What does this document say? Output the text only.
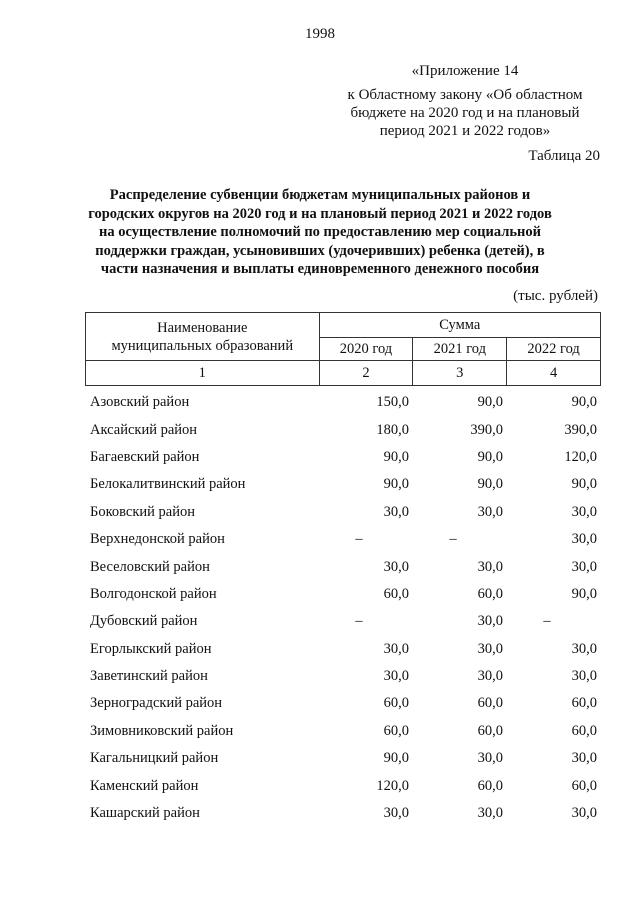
1998
«Приложение 14
к Областному закону «Об областном
бюджете на 2020 год и на плановый
период 2021 и 2022 годов»
Таблица 20
Распределение субвенции бюджетам муниципальных районов и
городских округов на 2020 год и на плановый период 2021 и 2022 годов
на осуществление полномочий по предоставлению мер социальной
поддержки граждан, усыновивших (удочеривших) ребенка (детей), в
части назначения и выплаты единовременного денежного пособия
(тыс. рублей)
Наименование
муниципальных образований	Сумма		
	2020 год	2021 год	2022 год
1	2	3	4
Азовский район	150,0	90,0	90,0
Аксайский район	180,0	390,0	390,0
Багаевский район	90,0	90,0	120,0
Белокалитвинский район	90,0	90,0	90,0
Боковский район	30,0	30,0	30,0
Верхнедонской район	–	–	30,0
Веселовский район	30,0	30,0	30,0
Волгодонской район	60,0	60,0	90,0
Дубовский район	–	30,0	–
Егорлыкский район	30,0	30,0	30,0
Заветинский район	30,0	30,0	30,0
Зерноградский район	60,0	60,0	60,0
Зимовниковский район	60,0	60,0	60,0
Кагальницкий район	90,0	30,0	30,0
Каменский район	120,0	60,0	60,0
Кашарский район	30,0	30,0	30,0
